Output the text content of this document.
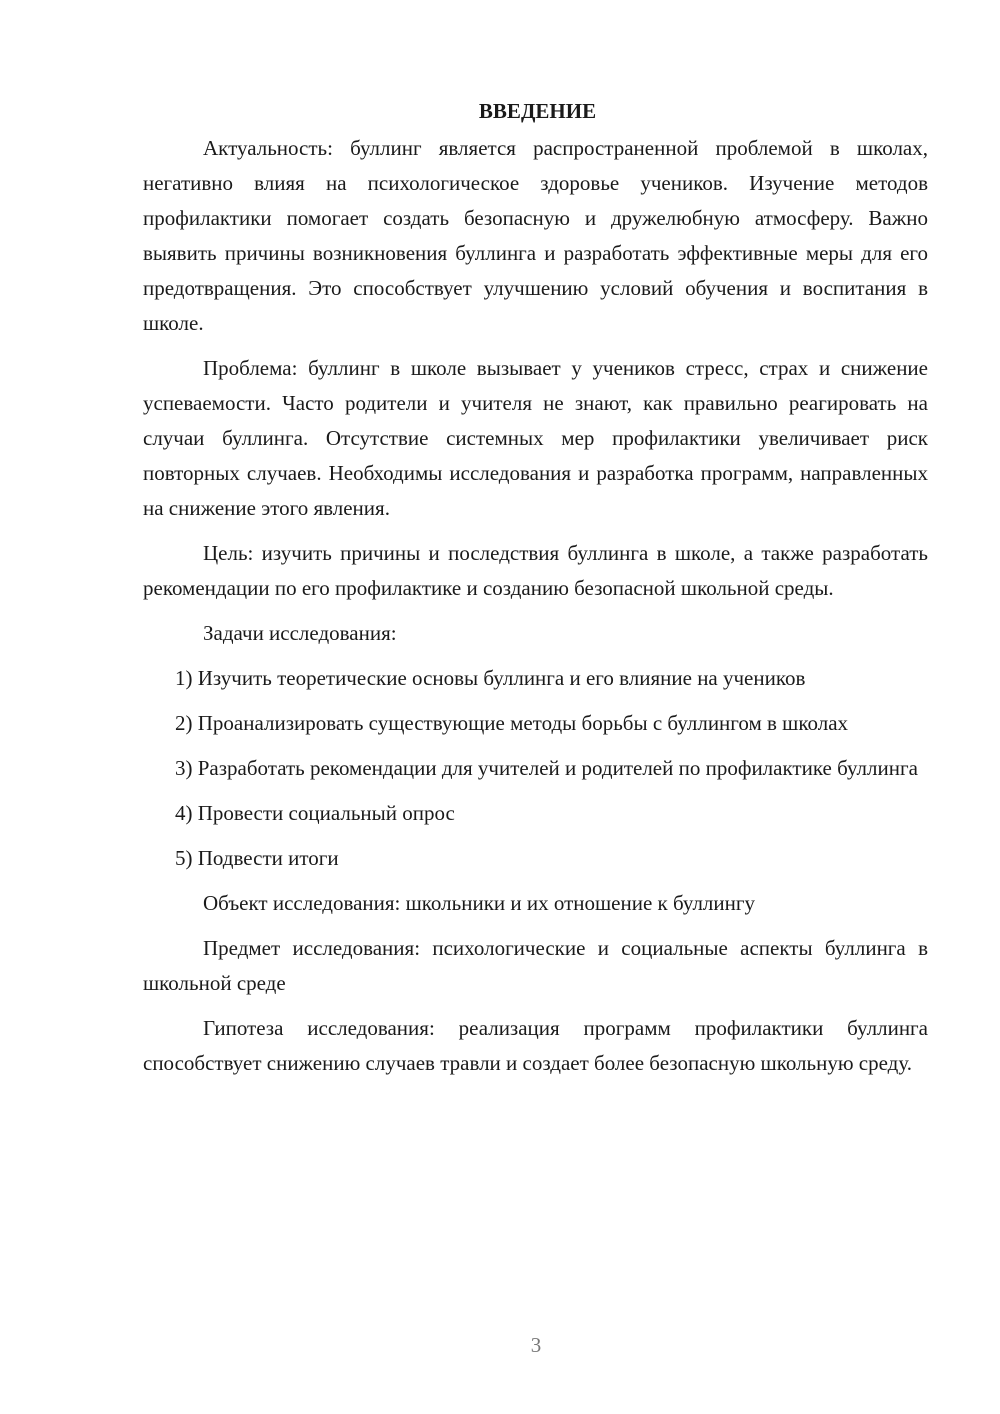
ВВЕДЕНИЕ

Актуальность: буллинг является распространенной проблемой в школах, негативно влияя на психологическое здоровье учеников. Изучение методов профилактики помогает создать безопасную и дружелюбную атмосферу. Важно выявить причины возникновения буллинга и разработать эффективные меры для его предотвращения. Это способствует улучшению условий обучения и воспитания в школе.

Проблема: буллинг в школе вызывает у учеников стресс, страх и снижение успеваемости. Часто родители и учителя не знают, как правильно реагировать на случаи буллинга. Отсутствие системных мер профилактики увеличивает риск повторных случаев. Необходимы исследования и разработка программ, направленных на снижение этого явления.

Цель: изучить причины и последствия буллинга в школе, а также разработать рекомендации по его профилактике и созданию безопасной школьной среды.

Задачи исследования:

1) Изучить теоретические основы буллинга и его влияние на учеников

2) Проанализировать существующие методы борьбы с буллингом в школах

3) Разработать рекомендации для учителей и родителей по профилактике буллинга

4) Провести социальный опрос

5) Подвести итоги

Объект исследования: школьники и их отношение к буллингу

Предмет исследования: психологические и социальные аспекты буллинга в школьной среде

Гипотеза исследования: реализация программ профилактики буллинга способствует снижению случаев травли и создает более безопасную школьную среду.

3
